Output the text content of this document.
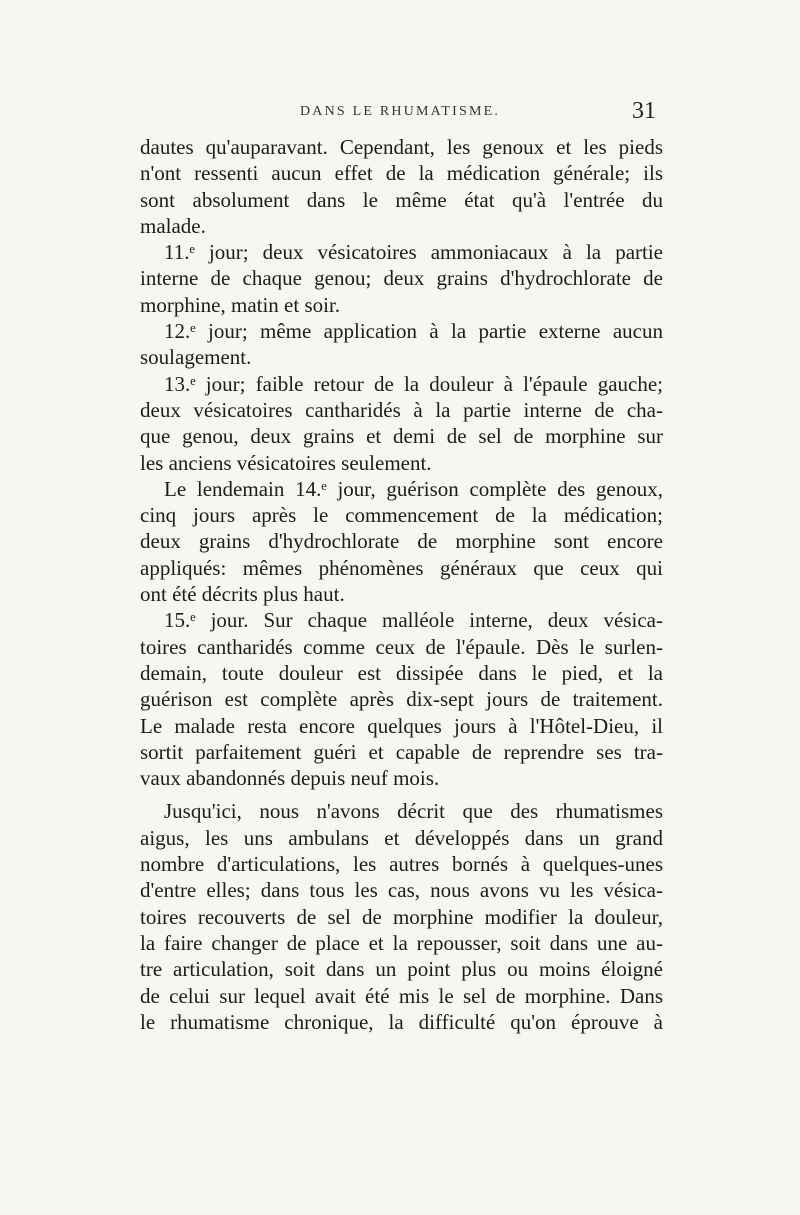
DANS LE RHUMATISME.	31
dautes qu'auparavant. Cependant, les genoux et les pieds
n'ont ressenti aucun effet de la médication générale; ils
sont absolument dans le même état qu'à l'entrée du
malade.
11.ᵉ jour; deux vésicatoires ammoniacaux à la partie
interne de chaque genou; deux grains d'hydrochlorate de
morphine, matin et soir.
12.ᵉ jour; même application à la partie externe aucun
soulagement.
13.ᵉ jour; faible retour de la douleur à l'épaule gauche;
deux vésicatoires cantharidés à la partie interne de cha-
que genou, deux grains et demi de sel de morphine sur
les anciens vésicatoires seulement.
Le lendemain 14.ᵉ jour, guérison complète des genoux,
cinq jours après le commencement de la médication;
deux grains d'hydrochlorate de morphine sont encore
appliqués: mêmes phénomènes généraux que ceux qui
ont été décrits plus haut.
15.ᵉ jour. Sur chaque malléole interne, deux vésica-
toires cantharidés comme ceux de l'épaule. Dès le surlen-
demain, toute douleur est dissipée dans le pied, et la
guérison est complète après dix-sept jours de traitement.
Le malade resta encore quelques jours à l'Hôtel-Dieu, il
sortit parfaitement guéri et capable de reprendre ses tra-
vaux abandonnés depuis neuf mois.
Jusqu'ici, nous n'avons décrit que des rhumatismes
aigus, les uns ambulans et développés dans un grand
nombre d'articulations, les autres bornés à quelques-unes
d'entre elles; dans tous les cas, nous avons vu les vésica-
toires recouverts de sel de morphine modifier la douleur,
la faire changer de place et la repousser, soit dans une au-
tre articulation, soit dans un point plus ou moins éloigné
de celui sur lequel avait été mis le sel de morphine. Dans
le rhumatisme chronique, la difficulté qu'on éprouve à
